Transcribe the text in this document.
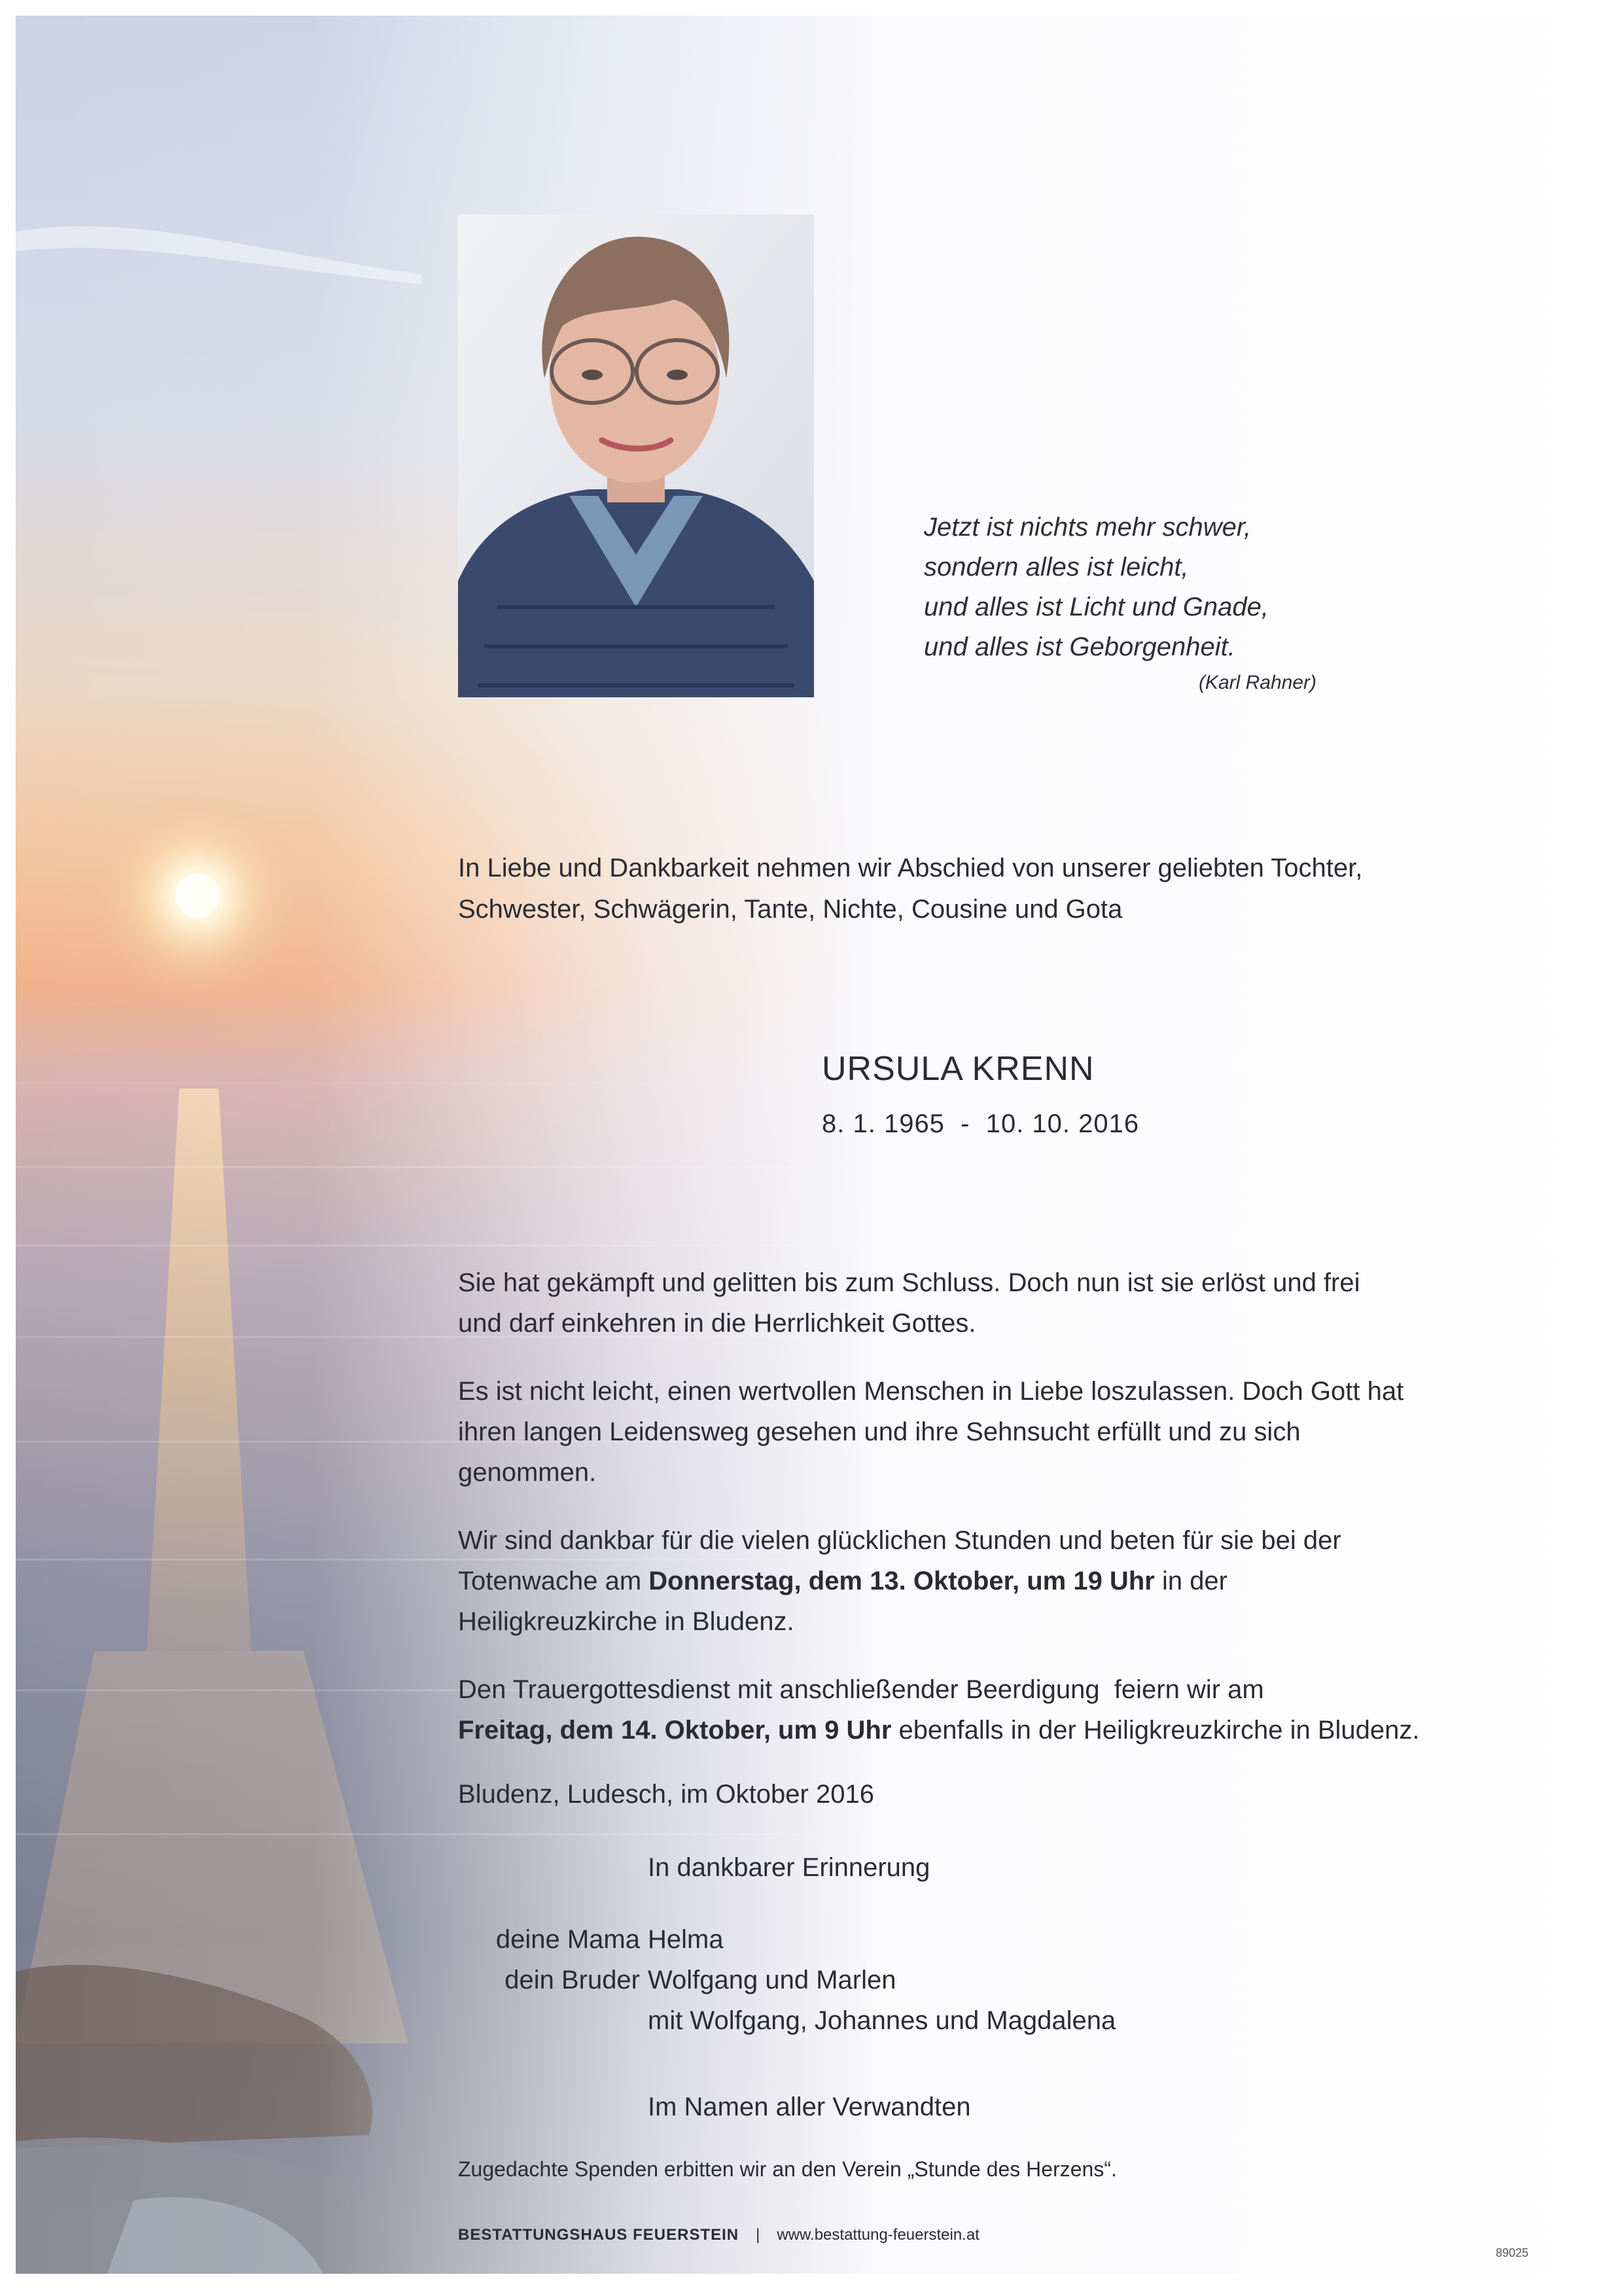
Jetzt ist nichts mehr schwer,
sondern alles ist leicht,
und alles ist Licht und Gnade,
und alles ist Geborgenheit.
(Karl Rahner)
In Liebe und Dankbarkeit nehmen wir Abschied von unserer geliebten Tochter,
Schwester, Schwägerin, Tante, Nichte, Cousine und Gota
URSULA KRENN
8. 1. 1965  -  10. 10. 2016

Sie hat gekämpft und gelitten bis zum Schluss. Doch nun ist sie erlöst und frei
und darf einkehren in die Herrlichkeit Gottes.

Es ist nicht leicht, einen wertvollen Menschen in Liebe loszulassen. Doch Gott hat
ihren langen Leidensweg gesehen und ihre Sehnsucht erfüllt und zu sich
genommen.

Wir sind dankbar für die vielen glücklichen Stunden und beten für sie bei der
Totenwache am Donnerstag, dem 13. Oktober, um 19 Uhr in der
Heiligkreuzkirche in Bludenz.

Den Trauergottesdienst mit anschließender Beerdigung  feiern wir am
Freitag, dem 14. Oktober, um 9 Uhr ebenfalls in der Heiligkreuzkirche in Bludenz.

Bludenz, Ludesch, im Oktober 2016
In dankbarer Erinnerung
deine Mama Helma
dein Bruder Wolfgang und Marlen
mit Wolfgang, Johannes und Magdalena
Im Namen aller Verwandten
Zugedachte Spenden erbitten wir an den Verein „Stunde des Herzens“.
BESTATTUNGSHAUS FEUERSTEIN | www.bestattung-feuerstein.at
89025
